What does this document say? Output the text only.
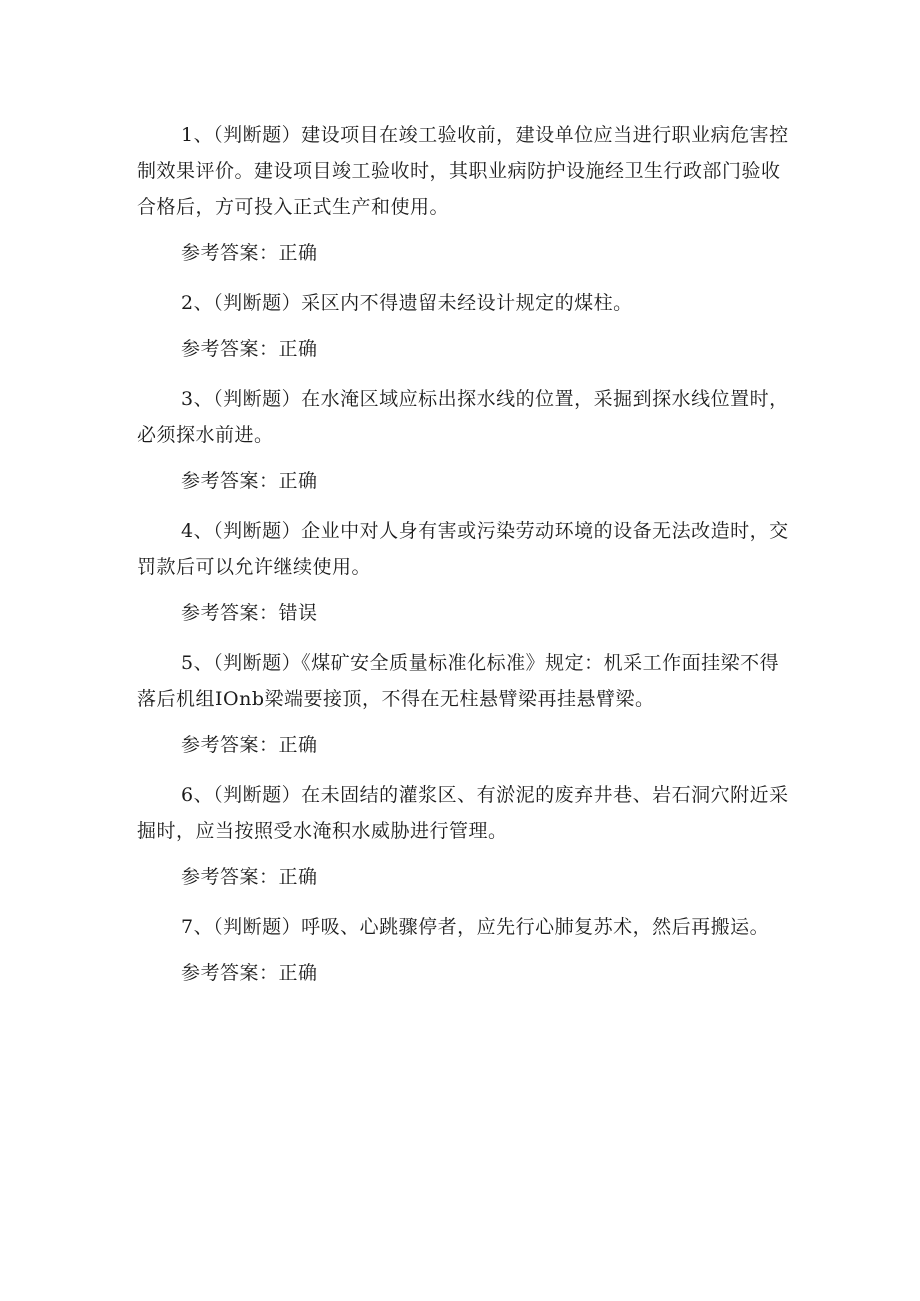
1、（判断题）建设项目在竣工验收前，建设单位应当进行职业病危害控制效果评价。建设项目竣工验收时，其职业病防护设施经卫生行政部门验收合格后，方可投入正式生产和使用。

参考答案：正确

2、（判断题）采区内不得遗留未经设计规定的煤柱。

参考答案：正确

3、（判断题）在水淹区域应标出探水线的位置，采掘到探水线位置时，必须探水前进。

参考答案：正确

4、（判断题）企业中对人身有害或污染劳动环境的设备无法改造时，交罚款后可以允许继续使用。

参考答案：错误

5、（判断题）《煤矿安全质量标准化标准》规定：机采工作面挂梁不得落后机组IOnb梁端要接顶，不得在无柱悬臂梁再挂悬臂梁。

参考答案：正确

6、（判断题）在未固结的灌浆区、有淤泥的废弃井巷、岩石洞穴附近采掘时，应当按照受水淹积水威胁进行管理。

参考答案：正确

7、（判断题）呼吸、心跳骤停者，应先行心肺复苏术，然后再搬运。

参考答案：正确
